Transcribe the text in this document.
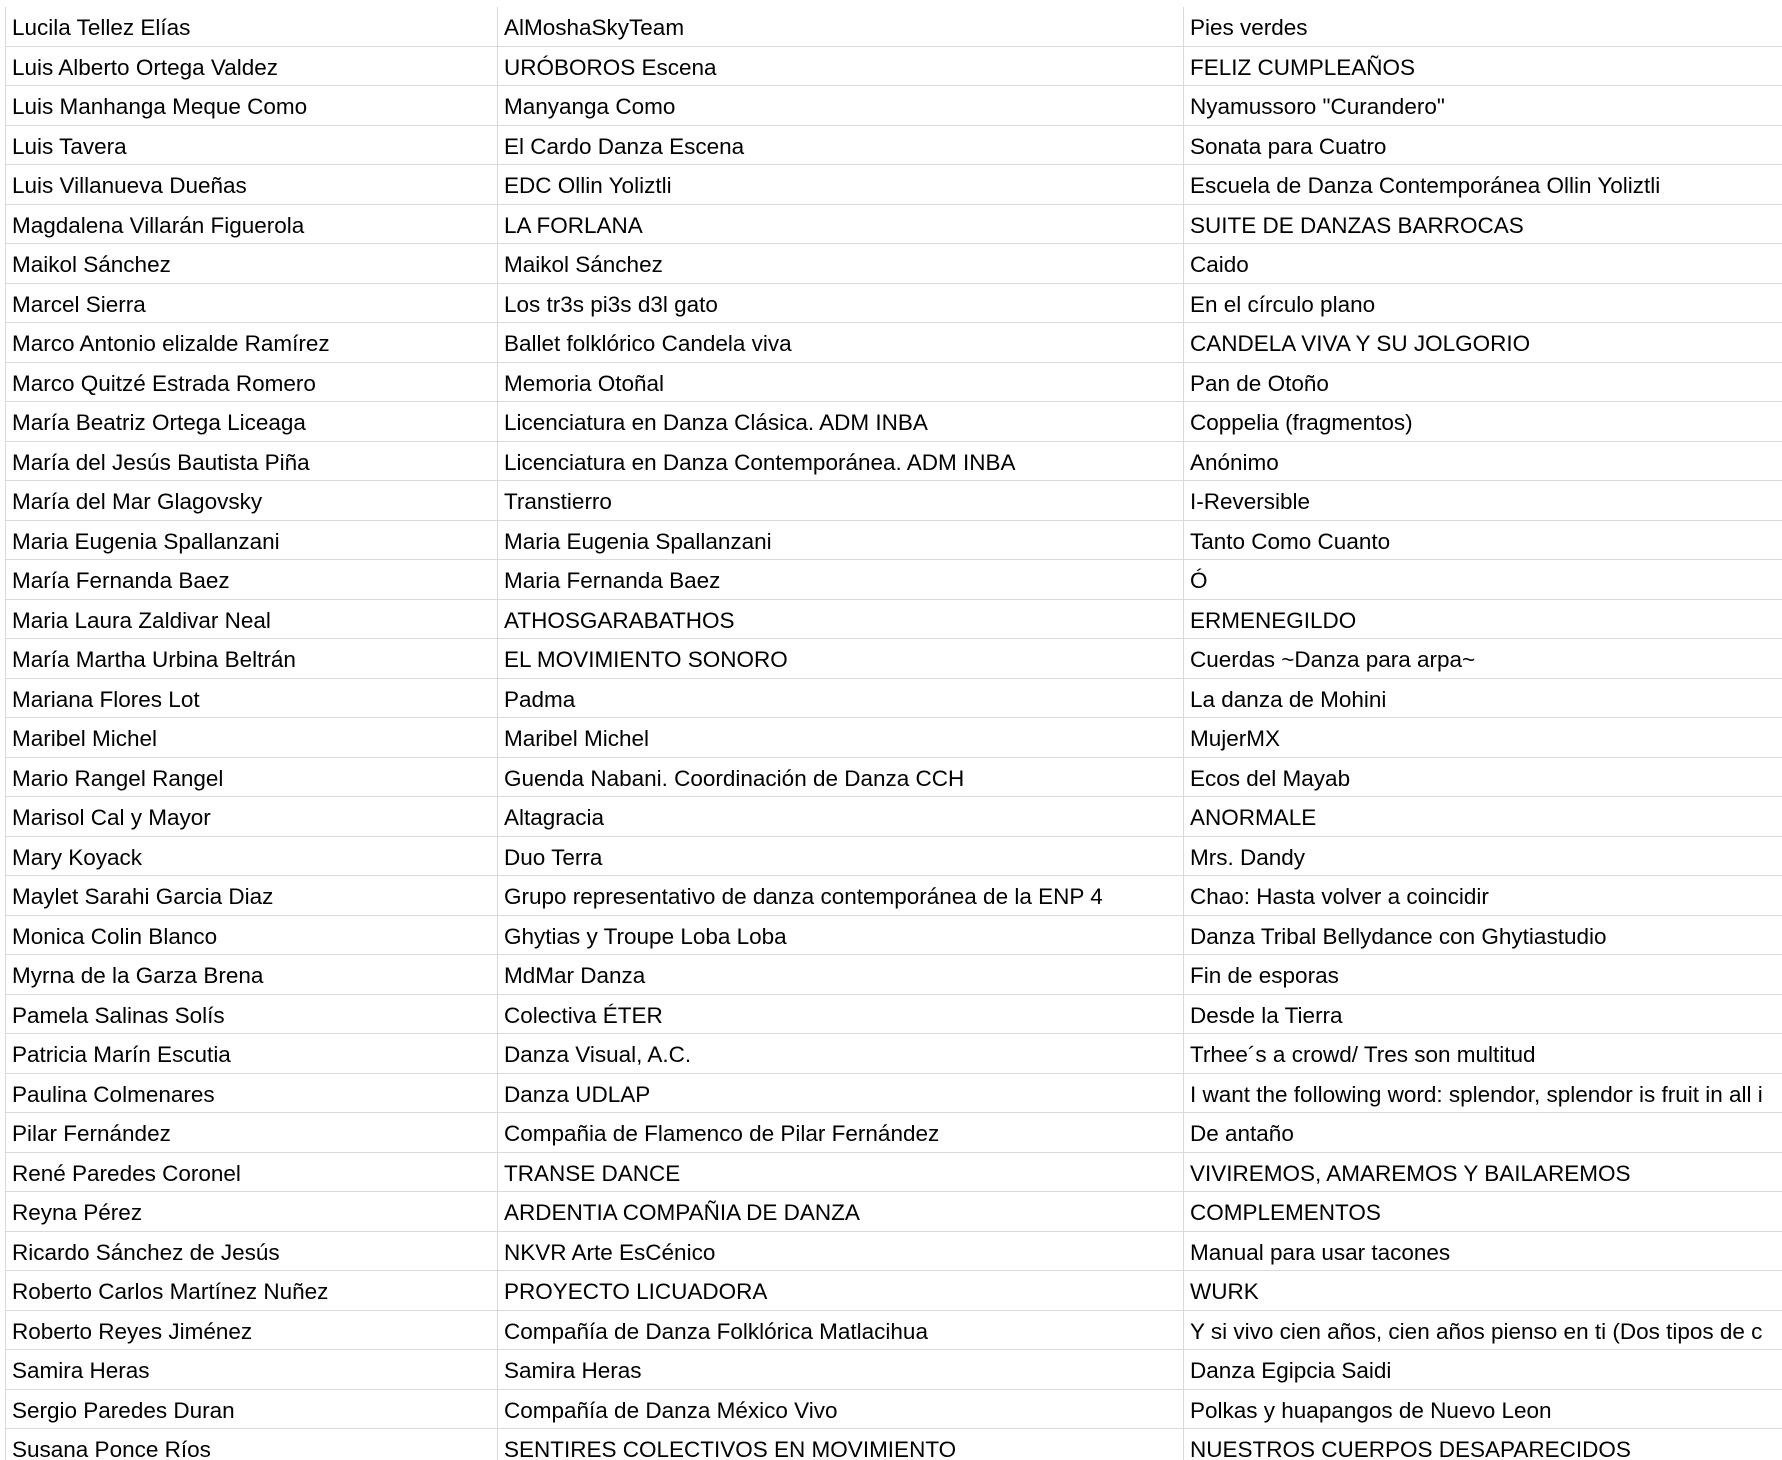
Lucila Tellez Elías	AlMoshaSkyTeam	Pies verdes
Luis Alberto Ortega Valdez	URÓBOROS Escena	FELIZ CUMPLEAÑOS
Luis Manhanga Meque Como	Manyanga Como	Nyamussoro "Curandero"
Luis Tavera	El Cardo Danza Escena	Sonata para Cuatro
Luis Villanueva Dueñas	EDC Ollin Yoliztli	Escuela de Danza Contemporánea Ollin Yoliztli
Magdalena Villarán Figuerola	LA FORLANA	SUITE DE DANZAS BARROCAS
Maikol Sánchez	Maikol Sánchez	Caido
Marcel Sierra	Los tr3s pi3s d3l gato	En el círculo plano
Marco Antonio elizalde Ramírez	Ballet folklórico Candela viva	CANDELA VIVA Y SU JOLGORIO
Marco Quitzé Estrada Romero	Memoria Otoñal	Pan de Otoño
María Beatriz Ortega Liceaga	Licenciatura en Danza Clásica. ADM INBA	Coppelia (fragmentos)
María del Jesús Bautista Piña	Licenciatura en Danza Contemporánea. ADM INBA	Anónimo
María del Mar Glagovsky	Transtierro	I-Reversible
Maria Eugenia Spallanzani	Maria Eugenia Spallanzani	Tanto Como Cuanto
María Fernanda Baez	Maria Fernanda Baez	Ó
Maria Laura Zaldivar Neal	ATHOSGARABATHOS	ERMENEGILDO
María Martha Urbina Beltrán	EL MOVIMIENTO SONORO	Cuerdas ~Danza para arpa~
Mariana Flores Lot	Padma	La danza de Mohini
Maribel Michel	Maribel Michel	MujerMX
Mario Rangel Rangel	Guenda Nabani. Coordinación de Danza CCH	Ecos del Mayab
Marisol Cal y Mayor	Altagracia	ANORMALE
Mary Koyack	Duo Terra	Mrs. Dandy
Maylet Sarahi Garcia Diaz	Grupo representativo de danza contemporánea de la ENP 4	Chao: Hasta volver a coincidir
Monica Colin Blanco	Ghytias y Troupe Loba Loba	Danza Tribal Bellydance con Ghytiastudio
Myrna de la Garza Brena	MdMar Danza	Fin de esporas
Pamela Salinas Solís	Colectiva ÉTER	Desde la Tierra
Patricia Marín Escutia	Danza Visual, A.C.	Trhee´s a crowd/ Tres son multitud
Paulina Colmenares	Danza UDLAP	I want the following word: splendor, splendor is fruit in all i
Pilar Fernández	Compañia de Flamenco de Pilar Fernández	De antaño
René Paredes Coronel	TRANSE DANCE	VIVIREMOS, AMAREMOS Y BAILAREMOS
Reyna Pérez	ARDENTIA COMPAÑIA DE DANZA	COMPLEMENTOS
Ricardo Sánchez de Jesús	NKVR Arte EsCénico	Manual para usar tacones
Roberto Carlos Martínez Nuñez	PROYECTO LICUADORA	WURK
Roberto Reyes Jiménez	Compañía de Danza Folklórica Matlacihua	Y si vivo cien años, cien años pienso en ti (Dos tipos de c
Samira Heras	Samira Heras	Danza Egipcia Saidi
Sergio Paredes Duran	Compañía de Danza México Vivo	Polkas y huapangos de Nuevo Leon
Susana Ponce Ríos	SENTIRES COLECTIVOS EN MOVIMIENTO	NUESTROS CUERPOS DESAPARECIDOS
